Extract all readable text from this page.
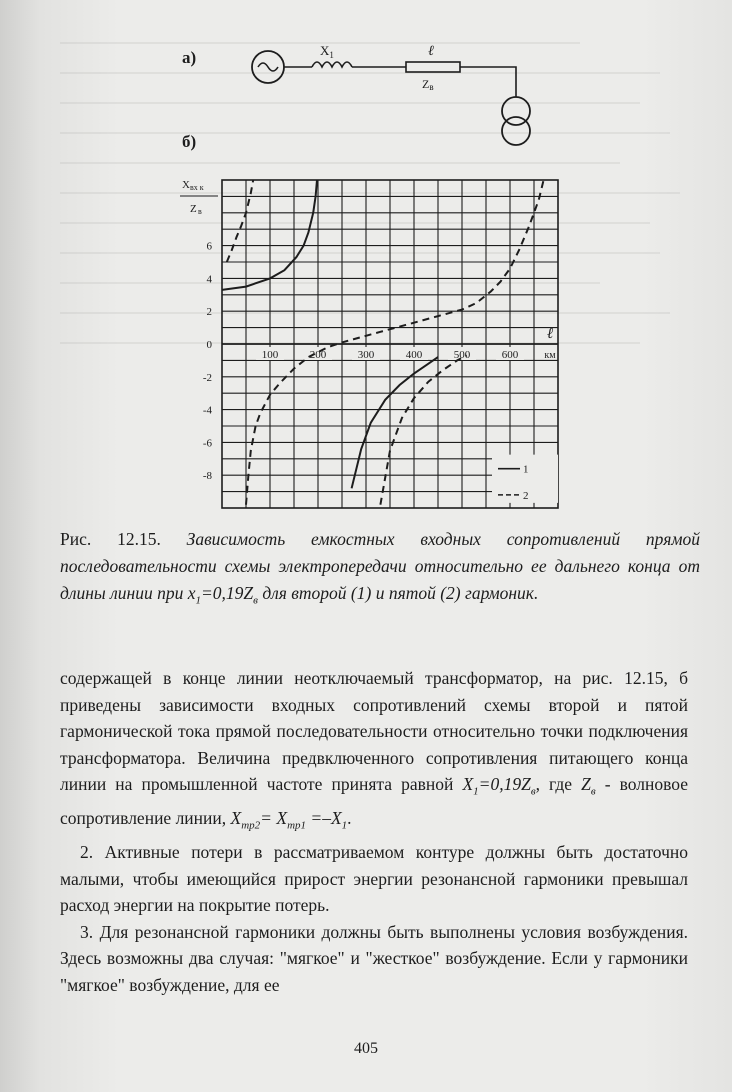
а)
б)
$X_1$	ℓ
Zв
6
4
2
0
-2
-4
-6
-8
100	200	300	400	500	600
ℓ
км
X вх к
Z в
1
2
Рис. 12.15. Зависимость емкостных входных сопротивлений прямой последовательности схемы электропередачи относительно ее дальнего конца от длины линии при $x_1=0,19Z_в$ для второй (1) и пятой (2) гармоник.

содержащей в конце линии неотключаемый трансформатор, на рис. 12.15, б приведены зависимости входных сопротивлений схемы второй и пятой гармонической тока прямой последовательности относительно точки подключения трансформатора. Величина предвключенного сопротивления питающего конца линии на промышленной частоте принята равной $X_1=0,19Z_в$, где $Z_в$ - волновое сопротивление линии, $X_{тр2}= X_{тр1} =-X_1$.

2. Активные потери в рассматриваемом контуре должны быть достаточно малыми, чтобы имеющийся прирост энергии резонансной гармоники превышал расход энергии на покрытие потерь.

3. Для резонансной гармоники должны быть выполнены условия возбуждения. Здесь возможны два случая: "мягкое" и "жесткое" возбуждение. Если у гармоники "мягкое" возбуждение, для ее

405
